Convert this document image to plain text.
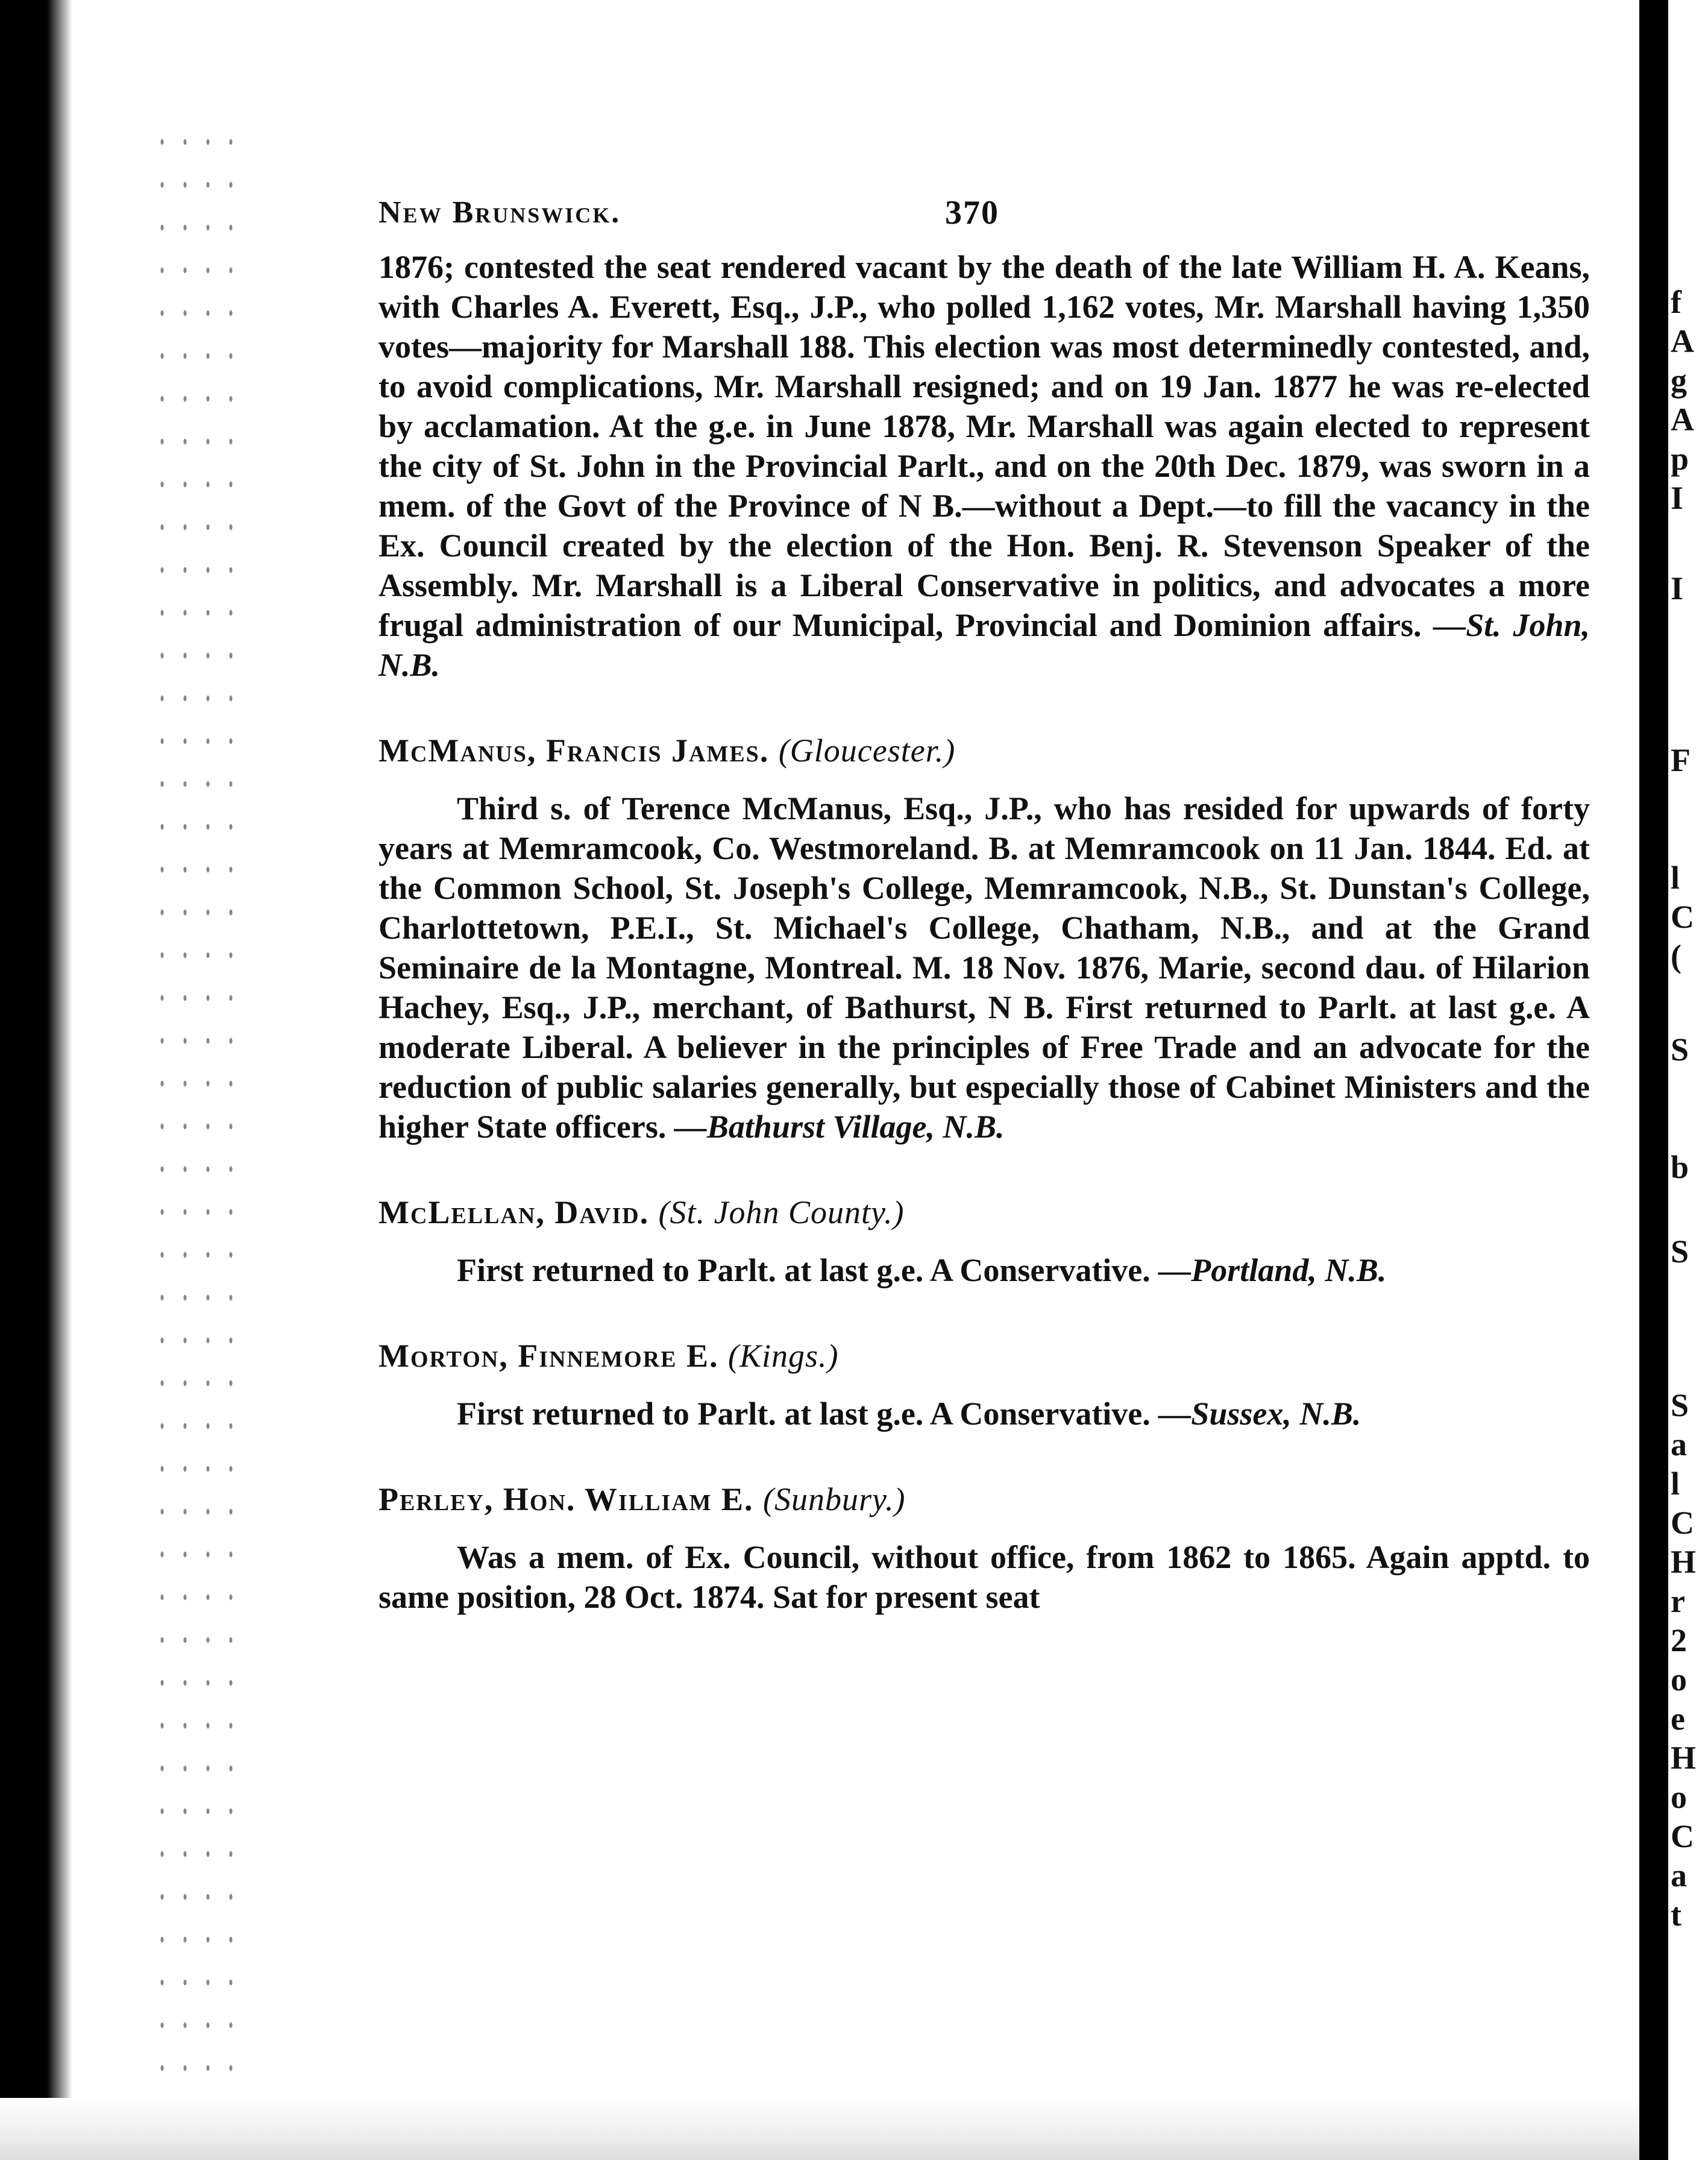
f
A
g
A
p
I
I
F
l
C
(
S
b
S
S
a
l
C
H
r
2
o
e
H
o
C
a
t
New Brunswick.	370

1876; contested the seat rendered vacant by the death of the late William H. A. Keans, with Charles A. Everett, Esq., J.P., who polled 1,162 votes, Mr. Marshall having 1,350 votes—majority for Marshall 188. This election was most determinedly contested, and, to avoid complications, Mr. Marshall resigned; and on 19 Jan. 1877 he was re-elected by acclamation. At the g.e. in June 1878, Mr. Marshall was again elected to represent the city of St. John in the Provincial Parlt., and on the 20th Dec. 1879, was sworn in a mem. of the Govt of the Province of N B.—without a Dept.—to fill the vacancy in the Ex. Council created by the election of the Hon. Benj. R. Stevenson Speaker of the Assembly. Mr. Marshall is a Liberal Conservative in politics, and advocates a more frugal administration of our Municipal, Provincial and Dominion affairs. —St. John, N.B.

McManus, Francis James. (Gloucester.)

Third s. of Terence McManus, Esq., J.P., who has resided for upwards of forty years at Memramcook, Co. Westmoreland. B. at Memramcook on 11 Jan. 1844. Ed. at the Common School, St. Joseph's College, Memramcook, N.B., St. Dunstan's College, Charlottetown, P.E.I., St. Michael's College, Chatham, N.B., and at the Grand Seminaire de la Montagne, Montreal. M. 18 Nov. 1876, Marie, second dau. of Hilarion Hachey, Esq., J.P., merchant, of Bathurst, N B. First returned to Parlt. at last g.e. A moderate Liberal. A believer in the principles of Free Trade and an advocate for the reduction of public salaries generally, but especially those of Cabinet Ministers and the higher State officers. —Bathurst Village, N.B.

McLellan, David. (St. John County.)

First returned to Parlt. at last g.e. A Conservative. —Portland, N.B.

Morton, Finnemore E. (Kings.)

First returned to Parlt. at last g.e. A Conservative. —Sussex, N.B.

Perley, Hon. William E. (Sunbury.)

Was a mem. of Ex. Council, without office, from 1862 to 1865. Again apptd. to same position, 28 Oct. 1874. Sat for present seat
